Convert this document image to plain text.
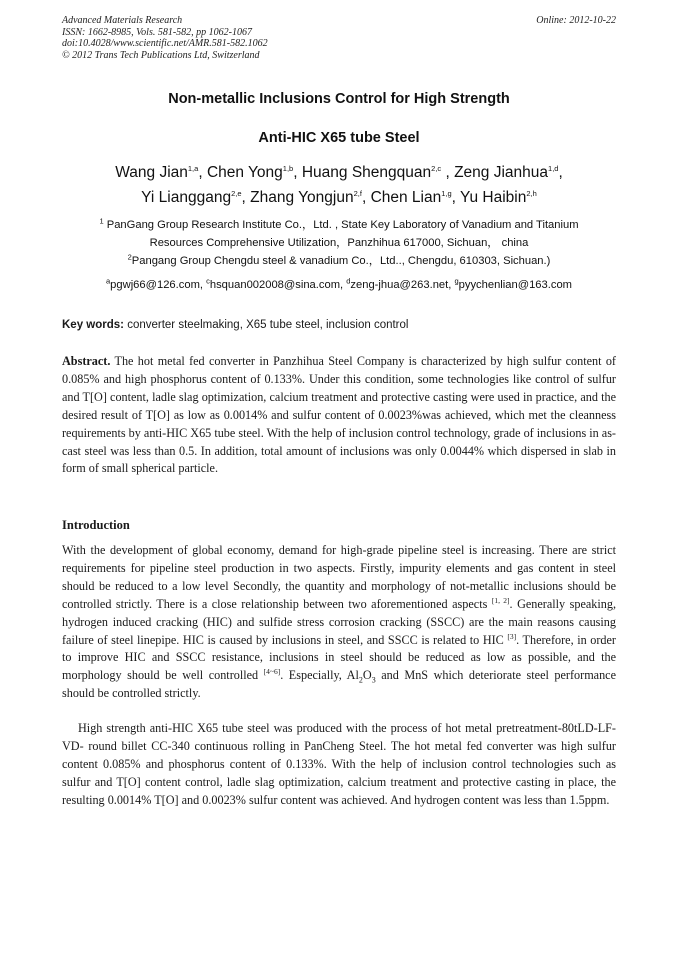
Advanced Materials Research
ISSN: 1662-8985, Vols. 581-582, pp 1062-1067
doi:10.4028/www.scientific.net/AMR.581-582.1062
© 2012 Trans Tech Publications Ltd, Switzerland
Online: 2012-10-22
Non-metallic Inclusions Control for High Strength
Anti-HIC X65 tube Steel
Wang Jian$^{1,a}$, Chen Yong$^{1,b}$, Huang Shengquan$^{2,c}$ , Zeng Jianhua$^{1,d}$,
Yi Lianggang$^{2,e}$, Zhang Yongjun$^{2,f}$, Chen Lian$^{1,g}$, Yu Haibin$^{2,h}$
$^1$ PanGang Group Research Institute Co.，Ltd. , State Key Laboratory of Vanadium and Titanium
Resources Comprehensive Utilization，Panzhihua 617000, Sichuan， china
$^2$Pangang Group Chengdu steel & vanadium Co.，Ltd.., Chengdu, 610303, Sichuan.)
$^a$pgwj66@126.com, $^c$hsquan002008@sina.com, $^d$zeng-jhua@263.net, $^g$pyychenlian@163.com
Key words: converter steelmaking, X65 tube steel, inclusion control
Abstract. The hot metal fed converter in Panzhihua Steel Company is characterized by high sulfur content of 0.085% and high phosphorus content of 0.133%. Under this condition, some technologies like control of sulfur and T[O] content, ladle slag optimization, calcium treatment and protective casting were used in practice, and the desired result of T[O] as low as 0.0014% and sulfur content of 0.0023%was achieved, which met the cleanness requirements by anti-HIC X65 tube steel. With the help of inclusion control technology, grade of inclusions in as-cast steel was less than 0.5. In addition, total amount of inclusions was only 0.0044% which dispersed in slab in form of small spherical particle.
Introduction
With the development of global economy, demand for high-grade pipeline steel is increasing. There are strict requirements for pipeline steel production in two aspects. Firstly, impurity elements and gas content in steel should be reduced to a low level Secondly, the quantity and morphology of not-metallic inclusions should be controlled strictly. There is a close relationship between two aforementioned aspects [1, 2]. Generally speaking, hydrogen induced cracking (HIC) and sulfide stress corrosion cracking (SSCC) are the main reasons causing failure of steel linepipe. HIC is caused by inclusions in steel, and SSCC is related to HIC [3]. Therefore, in order to improve HIC and SSCC resistance, inclusions in steel should be reduced as low as possible, and the morphology should be well controlled [4~6]. Especially, $Al_2O_3$ and MnS which deteriorate steel performance should be controlled strictly.
High strength anti-HIC X65 tube steel was produced with the process of hot metal pretreatment-80tLD-LF-VD- round billet CC-340 continuous rolling in PanCheng Steel. The hot metal fed converter was high sulfur content 0.085% and phosphorus content of 0.133%. With the help of inclusion control technologies such as sulfur and T[O] content control, ladle slag optimization, calcium treatment and protective casting in place, the resulting 0.0014% T[O] and 0.0023% sulfur content was achieved. And hydrogen content was less than 1.5ppm.
